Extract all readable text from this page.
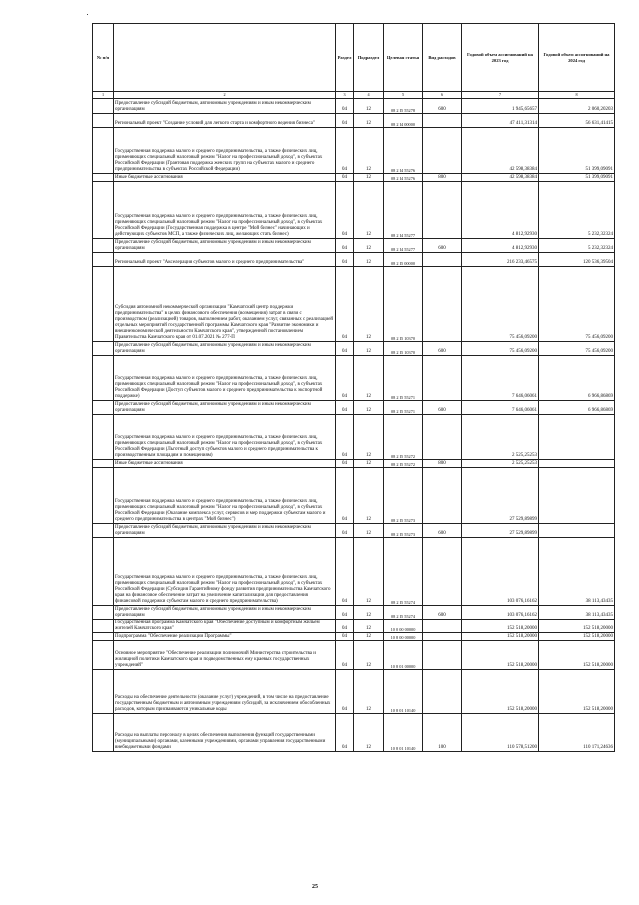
№ п/п		Раздел	Подраздел	Целевая статья	Вид расходов	Годовой объем ассигнований на 2023 год	Годовой объем ассигнований на 2024 год
1	2	3	4	5	6	7	8
	Предоставление субсидий бюджетным, автономным учреждениям и иным некоммерческим организациям	04	12	08 2 I5 55278	600	1 945,65657	2 060,20203
	Региональный проект "Создание условий для легкого старта и комфортного ведения бизнеса"	04	12	08 2 I4 00000		47 411,31314	56 631,41415
	Государственная поддержка малого и среднего предпринимательства, а также физических лиц, применяющих специальный налоговый режим "Налог на профессиональный доход", в субъектах Российской Федерации (Грантовая поддержка женских групп на субъектах малого и среднего предпринимательства в субъектах Российской Федерации)	04	12	08 2 I4 55276		42 598,38384	51 399,09091
	Иные бюджетные ассигнования	04	12	08 2 I4 55276	800	42 598,38384	51 399,09091
	Государственная поддержка малого и среднего предпринимательства, а также физических лиц, применяющих специальный налоговый режим "Налог на профессиональный доход", в субъектах Российской Федерации (Государственная поддержка в центре "Мой бизнес" начинающих и действующих субъектов МСП, а также физических лиц, желающих стать бизнес)	04	12	08 2 I4 55277		4 812,92930	5 232,32324
	Предоставление субсидий бюджетным, автономным учреждениям и иным некоммерческим организациям	04	12	08 2 I4 55277	600	4 812,92930	5 232,32324
	Региональный проект "Акселерация субъектов малого и среднего предпринимательства"	04	12	08 2 I5 00000		216 233,46575	120 536,39504
	Субсидия автономной некоммерческой организации "Камчатский центр поддержки предпринимательства" в целях финансового обеспечения (возмещения) затрат в связи с производством (реализацией) товаров, выполнением работ, оказанием услуг, связанных с реализацией отдельных мероприятий государственной программы Камчатского края "Развитие экономики и внешнеэкономической деятельности Камчатского края", утвержденной постановлением Правительства Камчатского края от 01.07.2021 № 277-П	04	12	08 2 I5 10370		75 456,09200	75 456,09200
	Предоставление субсидий бюджетным, автономным учреждениям и иным некоммерческим организациям	04	12	08 2 I5 10370	600	75 456,09200	75 456,09200
	Государственная поддержка малого и среднего предпринимательства, а также физических лиц, применяющих специальный налоговый режим "Налог на профессиональный доход", в субъектах Российской Федерации (Доступ субъектов малого и среднего предпринимательства к экспортной поддержке)	04	12	08 2 I5 55271		7 646,06061	6 966,86869
	Предоставление субсидий бюджетным, автономным учреждениям и иным некоммерческим организациям	04	12	08 2 I5 55271	600	7 646,06061	6 966,86869
	Государственная поддержка малого и среднего предпринимательства, а также физических лиц, применяющих специальный налоговый режим "Налог на профессиональный доход", в субъектах Российской Федерации (Льготный доступ субъектов малого и среднего предпринимательства к производственным площадям и помещениям)	04	12	08 2 I5 55272		2 525,25253	
	Иные бюджетные ассигнования	04	12	08 2 I5 55272	800	2 525,25253	
	Государственная поддержка малого и среднего предпринимательства, а также физических лиц, применяющих специальный налоговый режим "Налог на профессиональный доход", в субъектах Российской Федерации (Оказание комплекса услуг, сервисов и мер поддержки субъектам малого и среднего предпринимательства в центрах "Мой бизнес")	04	12	08 2 I5 55273		27 529,89899	
	Предоставление субсидий бюджетным, автономным учреждениям и иным некоммерческим организациям	04	12	08 2 I5 55273	600	27 529,89899	
	Государственная поддержка малого и среднего предпринимательства, а также физических лиц, применяющих специальный налоговый режим "Налог на профессиональный доход", в субъектах Российской Федерации (Субсидия Гарантийному фонду развития предпринимательства Камчатского края на финансовое обеспечение затрат на увеличение капитализации для предоставления финансовой поддержки субъектам малого и среднего предпринимательства)	04	12	08 2 I5 55274		103 076,16162	38 113,43435
	Предоставление субсидий бюджетным, автономным учреждениям и иным некоммерческим организациям	04	12	08 2 I5 55274	600	103 076,16162	38 113,43435
	Государственная программа Камчатского края "Обеспечение доступным и комфортным жильем жителей Камчатского края"	04	12	10 0 00 00000		152 518,20000	152 518,20000
	Подпрограмма "Обеспечение реализации Программы"	04	12	10 8 00 00000		152 518,20000	152 518,20000
	Основное мероприятие "Обеспечение реализации полномочий Министерства строительства и жилищной политики Камчатского края и подведомственных ему краевых государственных учреждений"	04	12	10 8 01 00000		152 518,20000	152 518,20000
	Расходы на обеспечение деятельности (оказание услуг) учреждений, в том числе на предоставление государственным бюджетным и автономным учреждениям субсидий, за исключением обособленных расходов, которым присваиваются уникальные коды	04	12	10 8 01 10140		152 518,20000	152 518,20000
	Расходы на выплаты персоналу в целях обеспечения выполнения функций государственными (муниципальными) органами, казенными учреждениями, органами управления государственными внебюджетными фондами	04	12	10 8 01 10140	100	110 578,51200	110 171,24636
25
